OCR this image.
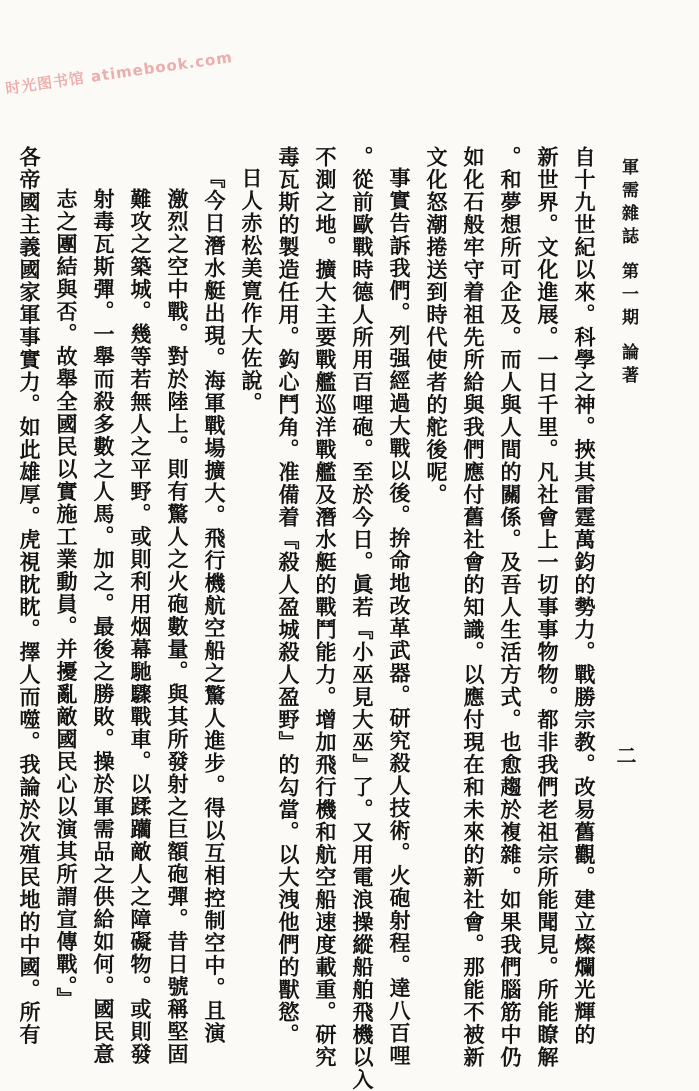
时光图书馆 atimebook.com
軍需雜誌 第一期 論著
二
自十九世紀以來。科學之神。挾其雷霆萬鈞的勢力。戰勝宗教。改易舊觀。建立燦爛光輝的
新世界。文化進展。一日千里。凡社會上一切事事物物。都非我們老祖宗所能聞見。所能瞭解
。和夢想所可企及。而人與人間的關係。及吾人生活方式。也愈趨於複雜。如果我們腦筋中仍
如化石般牢守着祖先所給與我們應付舊社會的知識。以應付現在和未來的新社會。那能不被新
文化怒潮捲送到時代使者的舵後呢。
事實告訴我們。列强經過大戰以後。拚命地改革武器。研究殺人技術。火砲射程。達八百哩
。從前歐戰時德人所用百哩砲。至於今日。眞若『小巫見大巫』了。又用電浪操縱船舶飛機以入
不測之地。擴大主要戰艦巡洋戰艦及潛水艇的戰鬥能力。增加飛行機和航空船速度載重。研究
毒瓦斯的製造任用。鈎心鬥角。准備着『殺人盈城殺人盈野』的勾當。以大洩他們的獸慾。
日人赤松美寛作大佐說。
『今日潛水艇出現。海軍戰場擴大。飛行機航空船之驚人進步。得以互相控制空中。且演
激烈之空中戰。對於陸上。則有驚人之火砲數量。與其所發射之巨額砲彈。昔日號稱堅固
難攻之築城。幾等若無人之平野。或則利用烟幕馳驟戰車。以蹂躪敵人之障礙物。或則發
射毒瓦斯彈。一舉而殺多數之人馬。加之。最後之勝敗。操於軍需品之供給如何。國民意
志之團結與否。故舉全國民以實施工業動員。并擾亂敵國民心以演其所謂宣傳戰。』
各帝國主義國家軍事實力。如此雄厚。虎視眈眈。擇人而噬。我論於次殖民地的中國。所有
